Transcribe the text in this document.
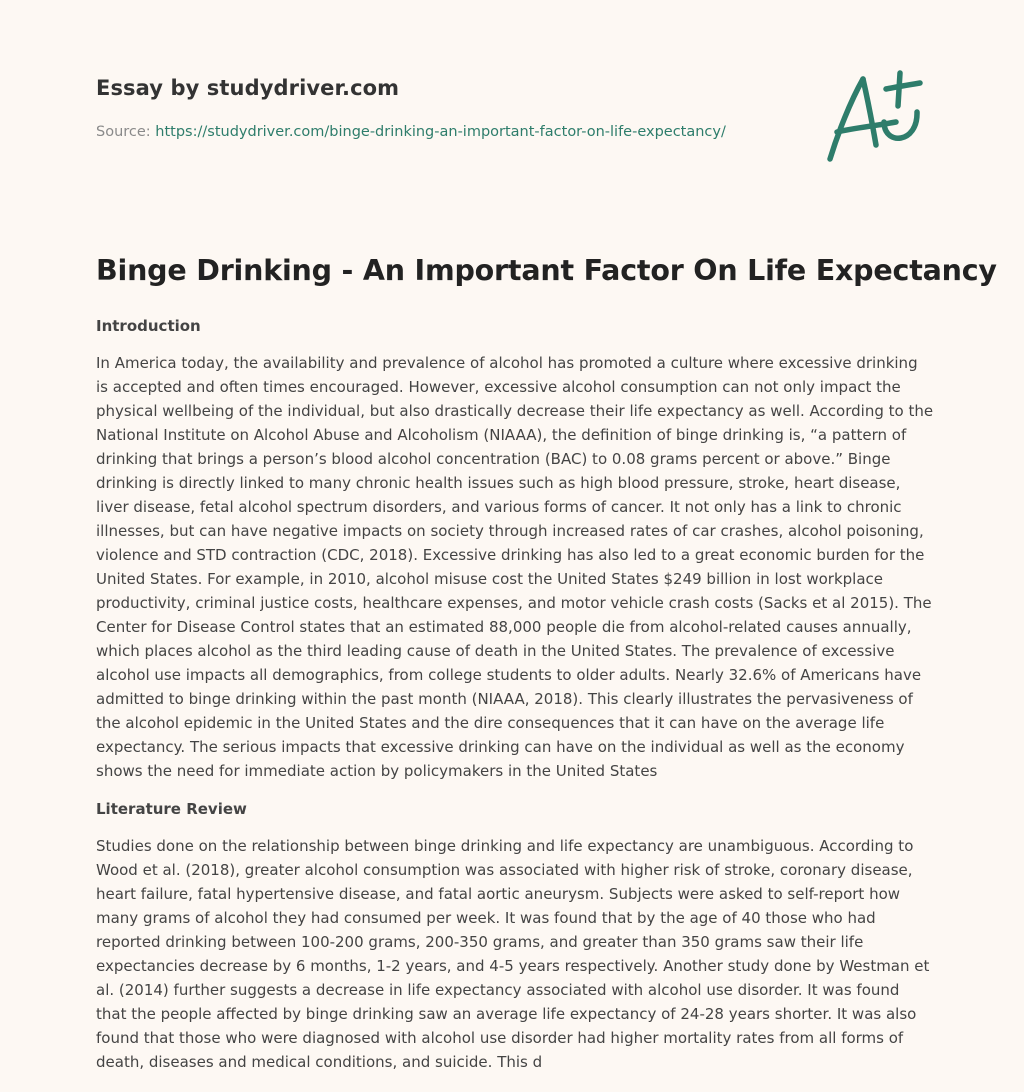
Essay by studydriver.com
Source: https://studydriver.com/binge-drinking-an-important-factor-on-life-expectancy/
Binge Drinking - An Important Factor On Life Expectancy
Introduction

In America today, the availability and prevalence of alcohol has promoted a culture where excessive drinking is accepted and often times encouraged. However, excessive alcohol consumption can not only impact the physical wellbeing of the individual, but also drastically decrease their life expectancy as well. According to the National Institute on Alcohol Abuse and Alcoholism (NIAAA), the definition of binge drinking is, “a pattern of drinking that brings a person’s blood alcohol concentration (BAC) to 0.08 grams percent or above.” Binge drinking is directly linked to many chronic health issues such as high blood pressure, stroke, heart disease, liver disease, fetal alcohol spectrum disorders, and various forms of cancer. It not only has a link to chronic illnesses, but can have negative impacts on society through increased rates of car crashes, alcohol poisoning, violence and STD contraction (CDC, 2018). Excessive drinking has also led to a great economic burden for the United States. For example, in 2010, alcohol misuse cost the United States $249 billion in lost workplace productivity, criminal justice costs, healthcare expenses, and motor vehicle crash costs (Sacks et al 2015). The Center for Disease Control states that an estimated 88,000 people die from alcohol-related causes annually, which places alcohol as the third leading cause of death in the United States. The prevalence of excessive alcohol use impacts all demographics, from college students to older adults. Nearly 32.6% of Americans have admitted to binge drinking within the past month (NIAAA, 2018). This clearly illustrates the pervasiveness of the alcohol epidemic in the United States and the dire consequences that it can have on the average life expectancy. The serious impacts that excessive drinking can have on the individual as well as the economy shows the need for immediate action by policymakers in the United States

Literature Review

Studies done on the relationship between binge drinking and life expectancy are unambiguous. According to Wood et al. (2018), greater alcohol consumption was associated with higher risk of stroke, coronary disease, heart failure, fatal hypertensive disease, and fatal aortic aneurysm. Subjects were asked to self-report how many grams of alcohol they had consumed per week. It was found that by the age of 40 those who had reported drinking between 100-200 grams, 200-350 grams, and greater than 350 grams saw their life expectancies decrease by 6 months, 1-2 years, and 4-5 years respectively. Another study done by Westman et al. (2014) further suggests a decrease in life expectancy associated with alcohol use disorder. It was found that the people affected by binge drinking saw an average life expectancy of 24-28 years shorter. It was also found that those who were diagnosed with alcohol use disorder had higher mortality rates from all forms of death, diseases and medical conditions, and suicide. This d
